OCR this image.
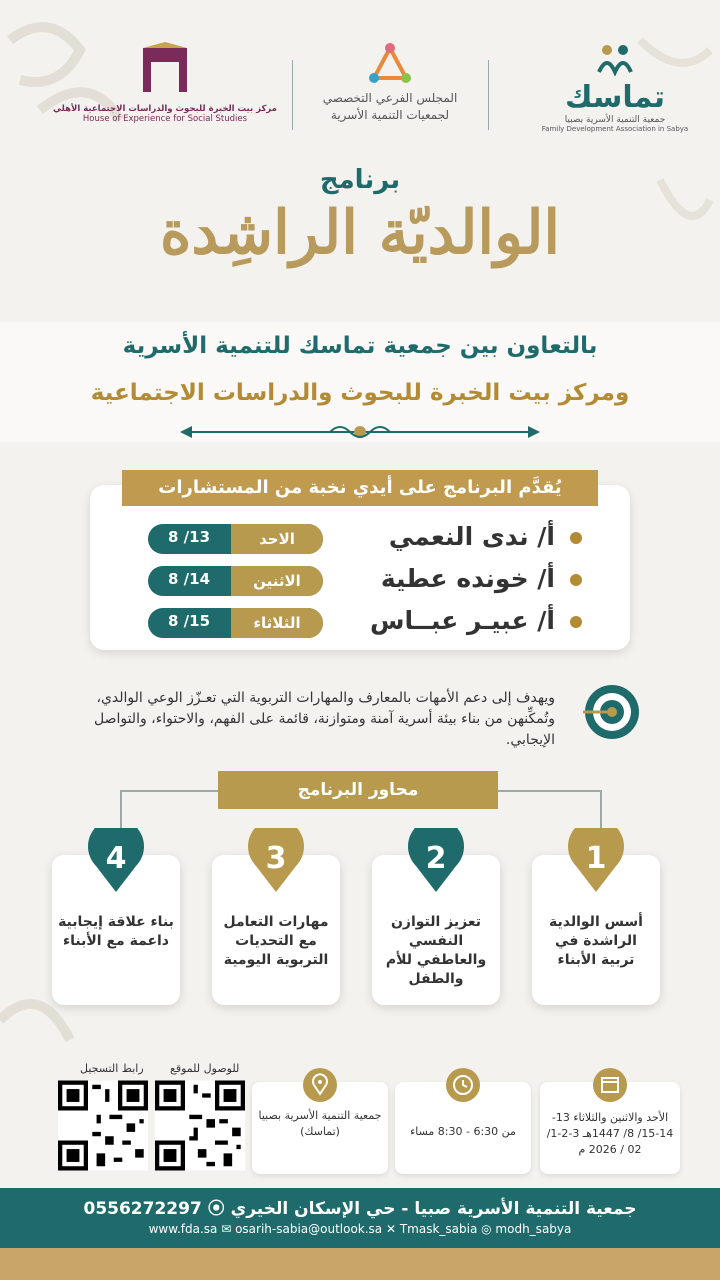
تماسك
جمعية التنمية الأسرية بصبيا
Family Development Association in Sabya
المجلس الفرعي التخصصي
لجمعيات التنمية الأسرية
مركز بيت الخبرة للبحوث والدراسات الاجتماعية الأهلي
House of Experience for Social Studies
برنامج
الوالديّة الراشِدة
بالتعاون بين جمعية تماسك للتنمية الأسرية
ومركز بيت الخبرة للبحوث والدراسات الاجتماعية
يُقدَّم البرنامج على أيدي نخبة من المستشارات الأسريات
أ/ ندى النعمي
الاحد
13/ 8
أ/ خونده عطية
الاثنين
14/ 8
أ/ عبيـر عبــاس
الثلاثاء
15/ 8
ويهدف إلى دعم الأمهات بالمعارف والمهارات التربوية التي تعـزّز الوعي الوالدي، وتُمكِّنهن من بناء بيئة أسرية آمنة ومتوازنة، قائمة على الفهم، والاحتواء، والتواصل الإيجابي.
محاور البرنامج
أسس الوالدية الراشدة في تربية الأبناء
1
تعزيز التوازن النفسي والعاطفي للأم والطفل
2
مهارات التعامل مع التحديات التربوية اليومية
3
بناء علاقة إيجابية داعمة مع الأبناء
4
الأحد والاثنين والثلاثاء 13-14-15/ 8/ 1447هـ 3-2-1/ 02 / 2026 م
من 6:30 - 8:30 مساء
جمعية التنمية الأسرية بصبيا (تماسك)
للوصول للموقع
رابط التسجيل
جمعية التنمية الأسرية صبيا - حي الإسكان الخيري ⦿ 0556272297
www.fda.sa ✉ osarih-sabia@outlook.sa ✕ Tmask_sabia ◎ modh_sabya
